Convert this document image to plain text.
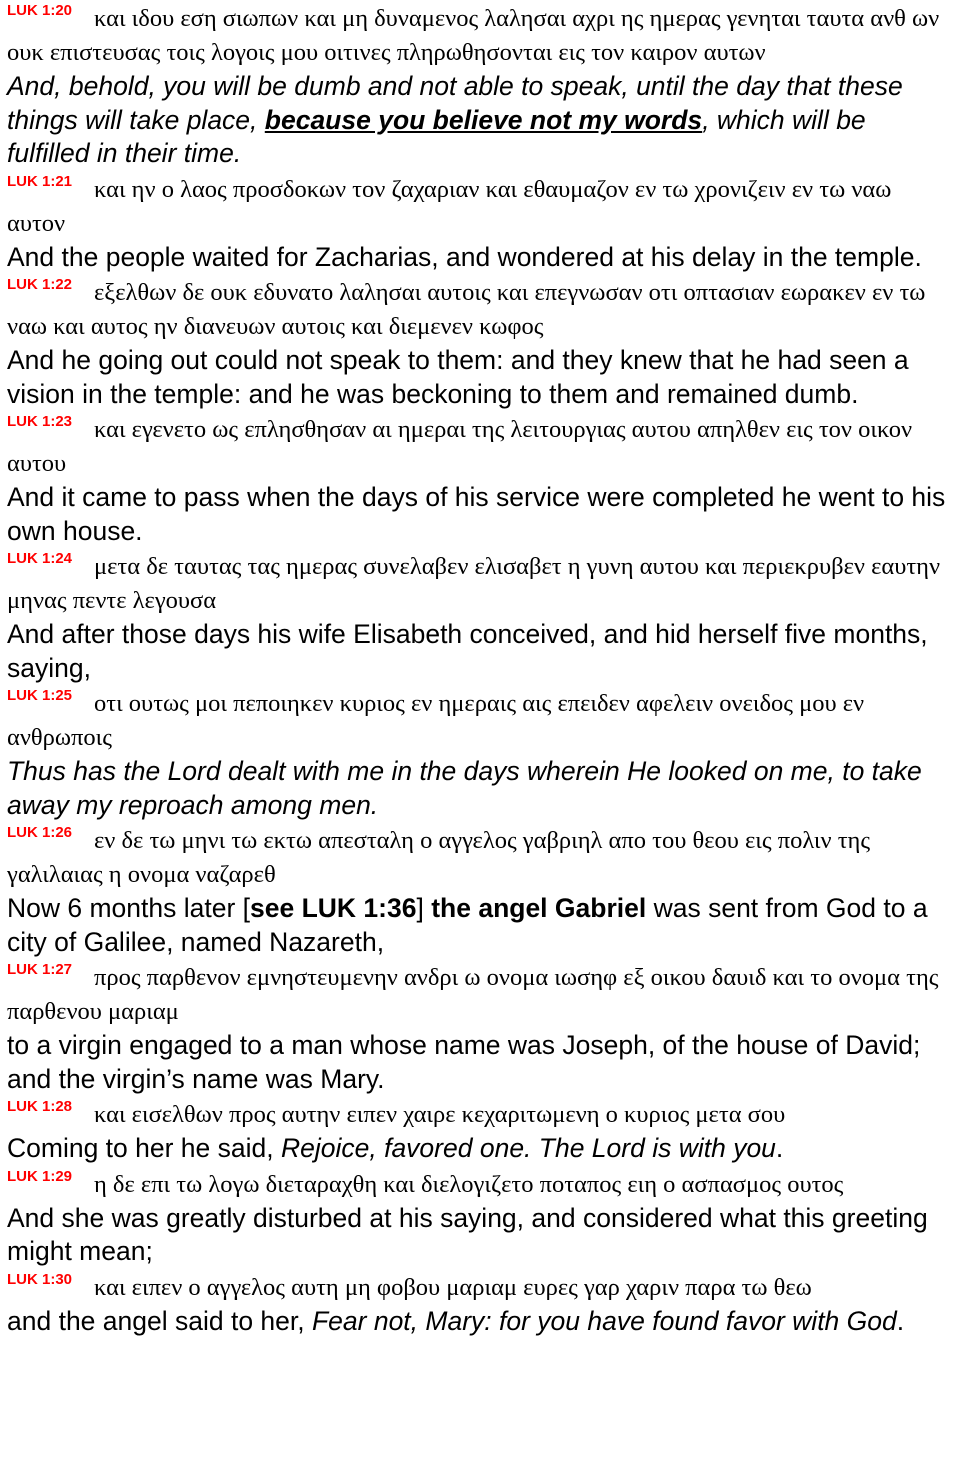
LUK 1:20 και ιδου εση σιωπων και μη δυναμενος λαλησαι αχρι ης ημερας γενηται ταυτα ανθ ων ουκ επιστευσας τοις λογοις μου οιτινες πληρωθησονται εις τον καιρον αυτων
And, behold, you will be dumb and not able to speak, until the day that these things will take place, because you believe not my words, which will be fulfilled in their time.
LUK 1:21 και ην ο λαος προσδοκων τον ζαχαριαν και εθαυμαζον εν τω χρονιζειν εν τω ναω αυτον
And the people waited for Zacharias, and wondered at his delay in the temple.
LUK 1:22 εξελθων δε ουκ εδυνατο λαλησαι αυτοις και επεγνωσαν οτι οπτασιαν εωρακεν εν τω ναω και αυτος ην διανευων αυτοις και διεμενεν κωφος
And he going out could not speak to them: and they knew that he had seen a vision in the temple: and he was beckoning to them and remained dumb.
LUK 1:23 και εγενετο ως επλησθησαν αι ημεραι της λειτουργιας αυτου απηλθεν εις τον οικον αυτου
And it came to pass when the days of his service were completed he went to his own house.
LUK 1:24 μετα δε ταυτας τας ημερας συνελαβεν ελισαβετ η γυνη αυτου και περιεκρυβεν εαυτην μηνας πεντε λεγουσα
And after those days his wife Elisabeth conceived, and hid herself five months, saying,
LUK 1:25 οτι ουτως μοι πεποιηκεν κυριος εν ημεραις αις επειδεν αφελειν ονειδος μου εν ανθρωποις
Thus has the Lord dealt with me in the days wherein He looked on me, to take away my reproach among men.
LUK 1:26 εν δε τω μηνι τω εκτω απεσταλη ο αγγελος γαβριηλ απο του θεου εις πολιν της γαλιλαιας η ονομα ναζαρεθ
Now 6 months later [see LUK 1:36] the angel Gabriel was sent from God to a city of Galilee, named Nazareth,
LUK 1:27 προς παρθενον εμνηστευμενην ανδρι ω ονομα ιωσηφ εξ οικου δαυιδ και το ονομα της παρθενου μαριαμ
to a virgin engaged to a man whose name was Joseph, of the house of David; and the virgin’s name was Mary.
LUK 1:28 και εισελθων προς αυτην ειπεν χαιρε κεχαριτωμενη ο κυριος μετα σου
Coming to her he said, Rejoice, favored one. The Lord is with you.
LUK 1:29 η δε επι τω λογω διεταραχθη και διελογιζετο ποταπος ειη ο ασπασμος ουτος
And she was greatly disturbed at his saying, and considered what this greeting might mean;
LUK 1:30 και ειπεν ο αγγελος αυτη μη φοβου μαριαμ ευρες γαρ χαριν παρα τω θεω
and the angel said to her, Fear not, Mary: for you have found favor with God.
